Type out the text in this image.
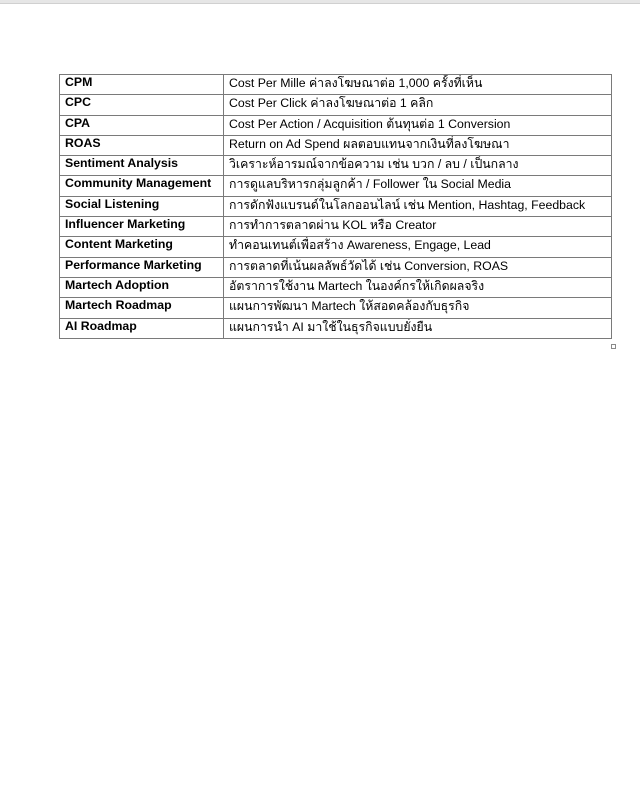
CPM	Cost Per Mille ค่าลงโฆษณาต่อ 1,000 ครั้งที่เห็น
CPC	Cost Per Click ค่าลงโฆษณาต่อ 1 คลิก
CPA	Cost Per Action / Acquisition ต้นทุนต่อ 1 Conversion
ROAS	Return on Ad Spend ผลตอบแทนจากเงินที่ลงโฆษณา
Sentiment Analysis	วิเคราะห์อารมณ์จากข้อความ เช่น บวก / ลบ / เป็นกลาง
Community Management	การดูแลบริหารกลุ่มลูกค้า / Follower ใน Social Media
Social Listening	การดักฟังแบรนด์ในโลกออนไลน์ เช่น Mention, Hashtag, Feedback
Influencer Marketing	การทำการตลาดผ่าน KOL หรือ Creator
Content Marketing	ทำคอนเทนต์เพื่อสร้าง Awareness, Engage, Lead
Performance Marketing	การตลาดที่เน้นผลลัพธ์วัดได้ เช่น Conversion, ROAS
Martech Adoption	อัตราการใช้งาน Martech ในองค์กรให้เกิดผลจริง
Martech Roadmap	แผนการพัฒนา Martech ให้สอดคล้องกับธุรกิจ
AI Roadmap	แผนการนำ AI มาใช้ในธุรกิจแบบยั่งยืน
